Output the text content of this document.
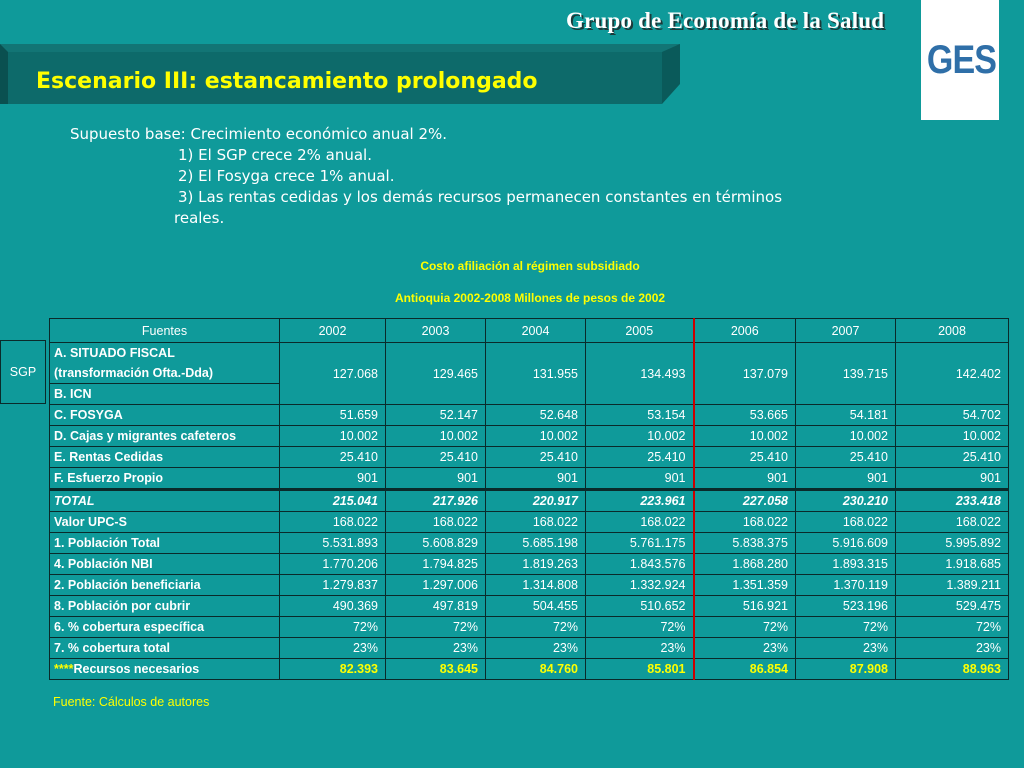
Grupo de Economía de la Salud
GES
Escenario III: estancamiento prolongado
Supuesto base: Crecimiento económico anual 2%.
1) El SGP crece 2% anual.
2) El Fosyga crece 1% anual.
3) Las rentas cedidas y los demás recursos permanecen constantes en términos
reales.
Costo afiliación al régimen subsidiado
Antioquia 2002-2008 Millones de pesos de 2002
SGP
Fuentes	2002	2003	2004	2005	2006	2007	2008

A. SITUADO FISCAL
(transformación Ofta.-Dda)	127.068	129.465	131.955	134.493	137.079	139.715	142.402
B. ICN							
C. FOSYGA	51.659	52.147	52.648	53.154	53.665	54.181	54.702
D. Cajas y migrantes cafeteros	10.002	10.002	10.002	10.002	10.002	10.002	10.002
E. Rentas Cedidas	25.410	25.410	25.410	25.410	25.410	25.410	25.410
F. Esfuerzo Propio	901	901	901	901	901	901	901
TOTAL	215.041	217.926	220.917	223.961	227.058	230.210	233.418
Valor UPC-S	168.022	168.022	168.022	168.022	168.022	168.022	168.022
1. Población Total	5.531.893	5.608.829	5.685.198	5.761.175	5.838.375	5.916.609	5.995.892
4. Población NBI	1.770.206	1.794.825	1.819.263	1.843.576	1.868.280	1.893.315	1.918.685
2. Población beneficiaria	1.279.837	1.297.006	1.314.808	1.332.924	1.351.359	1.370.119	1.389.211
8. Población por cubrir	490.369	497.819	504.455	510.652	516.921	523.196	529.475
6. % cobertura específica	72%	72%	72%	72%	72%	72%	72%
7. % cobertura total	23%	23%	23%	23%	23%	23%	23%
****Recursos necesarios	82.393	83.645	84.760	85.801	86.854	87.908	88.963
Fuente: Cálculos de autores
